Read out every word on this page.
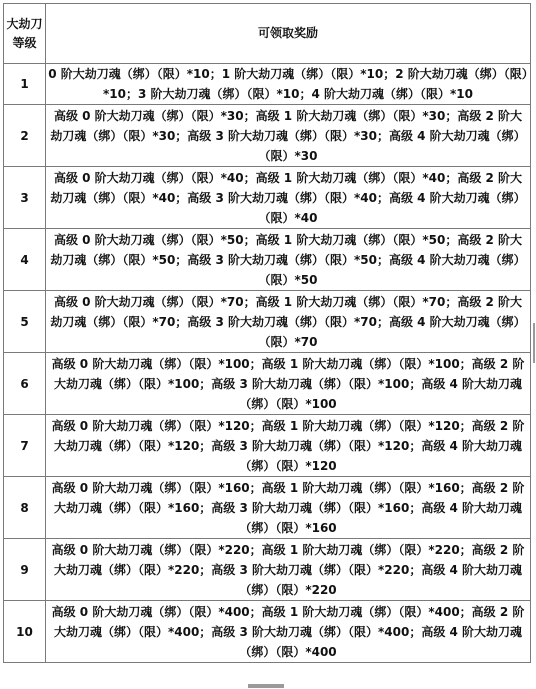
大劫刀等级	可领取奖励
1	0 阶大劫刀魂（绑）（限）*10；1 阶大劫刀魂（绑）（限）*10；2 阶大劫刀魂（绑）（限）*10；3 阶大劫刀魂（绑）（限）*10；4 阶大劫刀魂（绑）（限）*10
2	高级 0 阶大劫刀魂（绑）（限）*30；高级 1 阶大劫刀魂（绑）（限）*30；高级 2 阶大劫刀魂（绑）（限）*30；高级 3 阶大劫刀魂（绑）（限）*30；高级 4 阶大劫刀魂（绑）（限）*30
3	高级 0 阶大劫刀魂（绑）（限）*40；高级 1 阶大劫刀魂（绑）（限）*40；高级 2 阶大劫刀魂（绑）（限）*40；高级 3 阶大劫刀魂（绑）（限）*40；高级 4 阶大劫刀魂（绑）（限）*40
4	高级 0 阶大劫刀魂（绑）（限）*50；高级 1 阶大劫刀魂（绑）（限）*50；高级 2 阶大劫刀魂（绑）（限）*50；高级 3 阶大劫刀魂（绑）（限）*50；高级 4 阶大劫刀魂（绑）（限）*50
5	高级 0 阶大劫刀魂（绑）（限）*70；高级 1 阶大劫刀魂（绑）（限）*70；高级 2 阶大劫刀魂（绑）（限）*70；高级 3 阶大劫刀魂（绑）（限）*70；高级 4 阶大劫刀魂（绑）（限）*70
6	高级 0 阶大劫刀魂（绑）（限）*100；高级 1 阶大劫刀魂（绑）（限）*100；高级 2 阶大劫刀魂（绑）（限）*100；高级 3 阶大劫刀魂（绑）（限）*100；高级 4 阶大劫刀魂（绑）（限）*100
7	高级 0 阶大劫刀魂（绑）（限）*120；高级 1 阶大劫刀魂（绑）（限）*120；高级 2 阶大劫刀魂（绑）（限）*120；高级 3 阶大劫刀魂（绑）（限）*120；高级 4 阶大劫刀魂（绑）（限）*120
8	高级 0 阶大劫刀魂（绑）（限）*160；高级 1 阶大劫刀魂（绑）（限）*160；高级 2 阶大劫刀魂（绑）（限）*160；高级 3 阶大劫刀魂（绑）（限）*160；高级 4 阶大劫刀魂（绑）（限）*160
9	高级 0 阶大劫刀魂（绑）（限）*220；高级 1 阶大劫刀魂（绑）（限）*220；高级 2 阶大劫刀魂（绑）（限）*220；高级 3 阶大劫刀魂（绑）（限）*220；高级 4 阶大劫刀魂（绑）（限）*220
10	高级 0 阶大劫刀魂（绑）（限）*400；高级 1 阶大劫刀魂（绑）（限）*400；高级 2 阶大劫刀魂（绑）（限）*400；高级 3 阶大劫刀魂（绑）（限）*400；高级 4 阶大劫刀魂（绑）（限）*400
